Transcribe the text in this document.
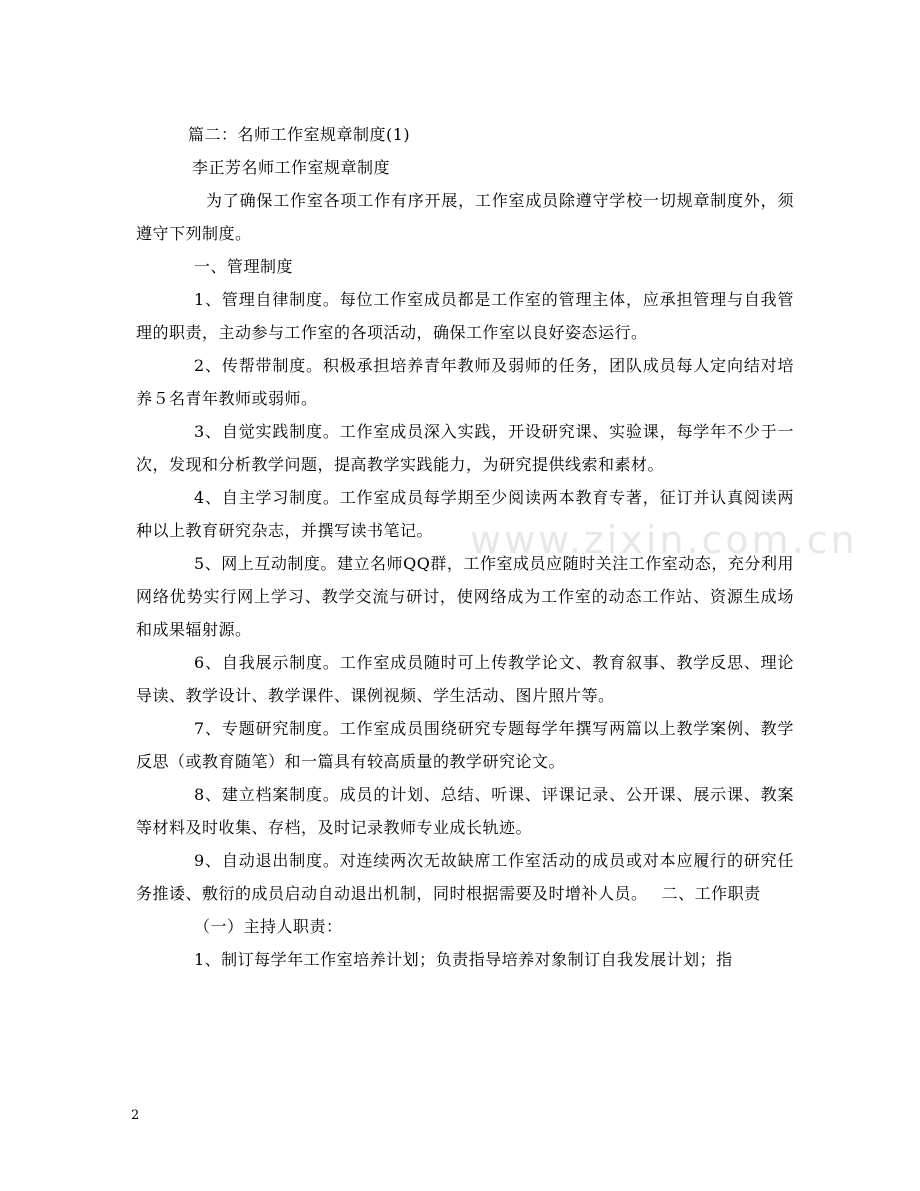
篇二：名师工作室规章制度(1)

李正芳名师工作室规章制度

为了确保工作室各项工作有序开展，工作室成员除遵守学校一切规章制度外，须遵守下列制度。

一、管理制度

1、管理自律制度。每位工作室成员都是工作室的管理主体，应承担管理与自我管理的职责，主动参与工作室的各项活动，确保工作室以良好姿态运行。

2、传帮带制度。积极承担培养青年教师及弱师的任务，团队成员每人定向结对培养５名青年教师或弱师。

3、自觉实践制度。工作室成员深入实践，开设研究课、实验课，每学年不少于一次，发现和分析教学问题，提高教学实践能力，为研究提供线索和素材。

4、自主学习制度。工作室成员每学期至少阅读两本教育专著，征订并认真阅读两种以上教育研究杂志，并撰写读书笔记。

5、网上互动制度。建立名师QQ群，工作室成员应随时关注工作室动态，充分利用网络优势实行网上学习、教学交流与研讨，使网络成为工作室的动态工作站、资源生成场和成果辐射源。

6、自我展示制度。工作室成员随时可上传教学论文、教育叙事、教学反思、理论导读、教学设计、教学课件、课例视频、学生活动、图片照片等。

7、专题研究制度。工作室成员围绕研究专题每学年撰写两篇以上教学案例、教学反思（或教育随笔）和一篇具有较高质量的教学研究论文。

8、建立档案制度。成员的计划、总结、听课、评课记录、公开课、展示课、教案等材料及时收集、存档，及时记录教师专业成长轨迹。

9、自动退出制度。对连续两次无故缺席工作室活动的成员或对本应履行的研究任务推诿、敷衍的成员启动自动退出机制，同时根据需要及时增补人员。　 二、工作职责

（一）主持人职责：

1、制订每学年工作室培养计划；负责指导培养对象制订自我发展计划；指

www.zixin.com.cn
2
